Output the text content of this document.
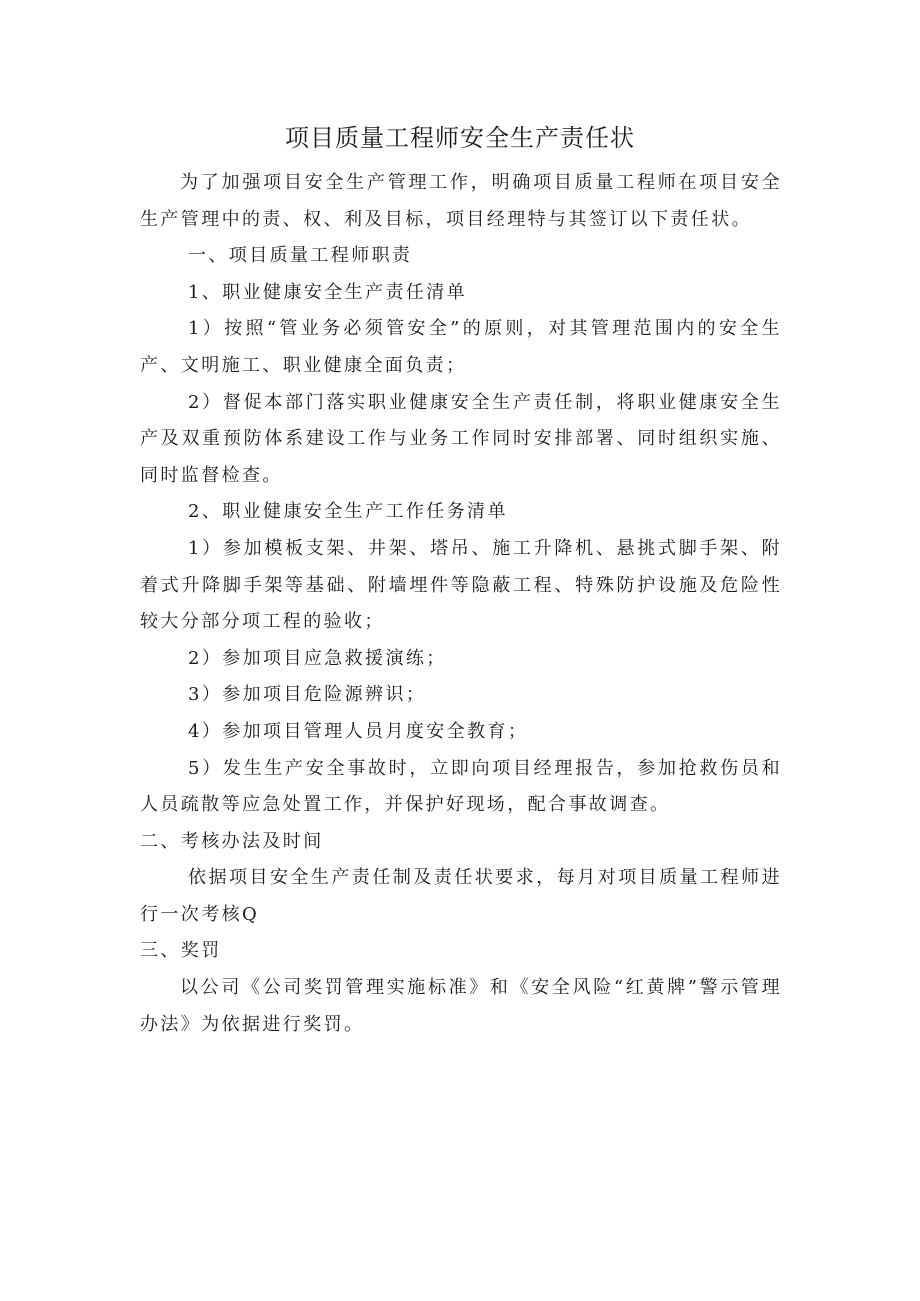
项目质量工程师安全生产责任状

为了加强项目安全生产管理工作，明确项目质量工程师在项目安全生产管理中的责、权、利及目标，项目经理特与其签订以下责任状。

一、项目质量工程师职责

1、职业健康安全生产责任清单

1）按照“管业务必须管安全”的原则，对其管理范围内的安全生产、文明施工、职业健康全面负责；

2）督促本部门落实职业健康安全生产责任制，将职业健康安全生产及双重预防体系建设工作与业务工作同时安排部署、同时组织实施、同时监督检查。

2、职业健康安全生产工作任务清单

1）参加模板支架、井架、塔吊、施工升降机、悬挑式脚手架、附着式升降脚手架等基础、附墙埋件等隐蔽工程、特殊防护设施及危险性较大分部分项工程的验收；

2）参加项目应急救援演练；

3）参加项目危险源辨识；

4）参加项目管理人员月度安全教育；

5）发生生产安全事故时，立即向项目经理报告，参加抢救伤员和人员疏散等应急处置工作，并保护好现场，配合事故调查。

二、考核办法及时间

依据项目安全生产责任制及责任状要求，每月对项目质量工程师进行一次考核Q

三、奖罚

以公司《公司奖罚管理实施标准》和《安全风险“红黄牌”警示管理办法》为依据进行奖罚。
